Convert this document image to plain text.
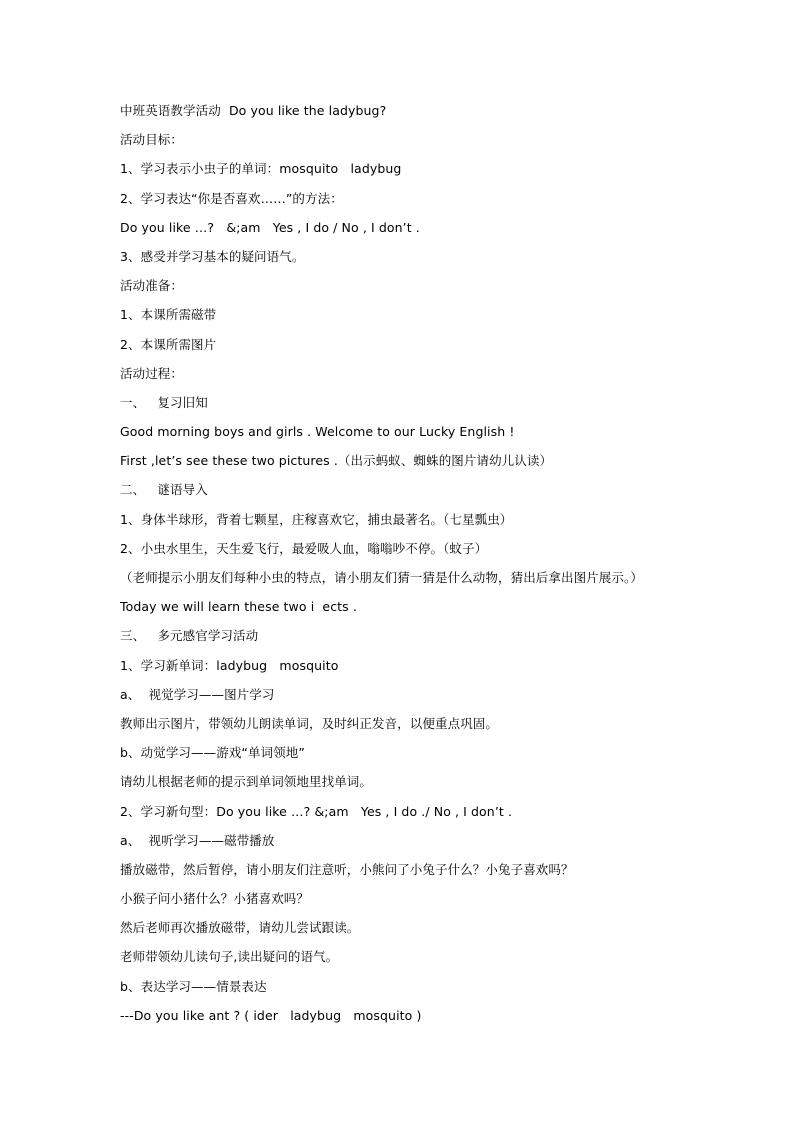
中班英语教学活动  Do you like the ladybug?
活动目标：
1、学习表示小虫子的单词：mosquito   ladybug
2、学习表达“你是否喜欢……”的方法：
Do you like …?   &;am   Yes , I do / No , I don’t .
3、感受并学习基本的疑问语气。
活动准备：
1、本课所需磁带
2、本课所需图片
活动过程：
一、   复习旧知
Good morning boys and girls . Welcome to our Lucky English !
First ,let’s see these two pictures .（出示蚂蚁、蜘蛛的图片请幼儿认读）
二、   谜语导入
1、身体半球形，背着七颗星，庄稼喜欢它，捕虫最著名。（七星瓢虫）
2、小虫水里生，天生爱飞行，最爱吸人血，嗡嗡吵不停。（蚊子）
（老师提示小朋友们每种小虫的特点，请小朋友们猜一猜是什么动物，猜出后拿出图片展示。）
Today we will learn these two i  ects .
三、   多元感官学习活动
1、学习新单词：ladybug   mosquito
a、  视觉学习——图片学习
教师出示图片，带领幼儿朗读单词，及时纠正发音，以便重点巩固。
b、动觉学习——游戏“单词领地”
请幼儿根据老师的提示到单词领地里找单词。
2、学习新句型：Do you like …? &;am   Yes , I do ./ No , I don’t .
a、  视听学习——磁带播放
播放磁带，然后暂停，请小朋友们注意听，小熊问了小兔子什么？小兔子喜欢吗？
小猴子问小猪什么？小猪喜欢吗？
然后老师再次播放磁带，请幼儿尝试跟读。
老师带领幼儿读句子,读出疑问的语气。
b、表达学习——情景表达
---Do you like ant ? ( ider   ladybug   mosquito )
